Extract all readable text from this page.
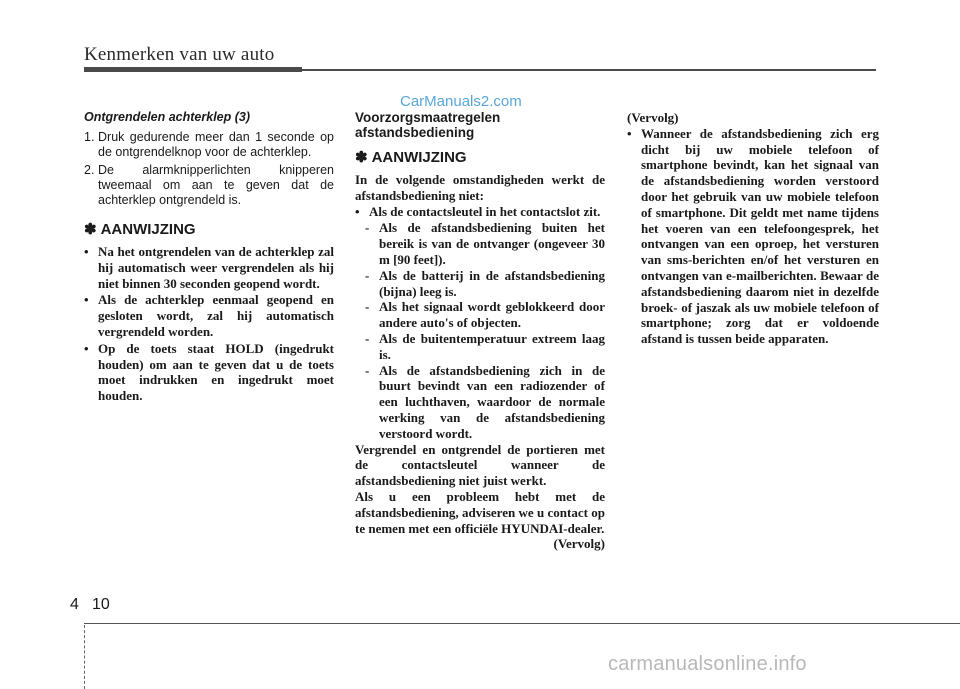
Kenmerken van uw auto
CarManuals2.com

Ontgrendelen achterklep (3)

1. Druk gedurende meer dan 1 seconde op de ontgrendelknop voor de achterklep.
2. De alarmknipperlichten knipperen tweemaal om aan te geven dat de achterklep ontgrendeld is.
✽ AANWIJZING
• Na het ontgrendelen van de achterklep zal hij automatisch weer vergrendelen als hij niet binnen 30 seconden geopend wordt.
• Als de achterklep eenmaal geopend en gesloten wordt, zal hij automatisch vergrendeld worden.
• Op de toets staat HOLD (ingedrukt houden) om aan te geven dat u de toets moet indrukken en ingedrukt moet houden.

Voorzorgsmaatregelen afstandsbediening

✽ AANWIJZING

In de volgende omstandigheden werkt de afstandsbediening niet:

• Als de contactsleutel in het contactslot zit.
- Als de afstandsbediening buiten het bereik is van de ontvanger (ongeveer 30 m [90 feet]).
- Als de batterij in de afstandsbediening (bijna) leeg is.
- Als het signaal wordt geblokkeerd door andere auto's of objecten.
- Als de buitentemperatuur extreem laag is.
- Als de afstandsbediening zich in de buurt bevindt van een radiozender of een luchthaven, waardoor de normale werking van de afstandsbediening verstoord wordt.

Vergrendel en ontgrendel de portieren met de contactsleutel wanneer de afstandsbediening niet juist werkt.

Als u een probleem hebt met de afstandsbediening, adviseren we u contact op te nemen met een officiële HYUNDAI-dealer.

(Vervolg)

(Vervolg)

• Wanneer de afstandsbediening zich erg dicht bij uw mobiele telefoon of smartphone bevindt, kan het signaal van de afstandsbediening worden verstoord door het gebruik van uw mobiele telefoon of smartphone. Dit geldt met name tijdens het voeren van een telefoongesprek, het ontvangen van een oproep, het versturen van sms-berichten en/of het versturen en ontvangen van e-mailberichten. Bewaar de afstandsbediening daarom niet in dezelfde broek- of jaszak als uw mobiele telefoon of smartphone; zorg dat er voldoende afstand is tussen beide apparaten.
4 10
carmanualsonline.info
